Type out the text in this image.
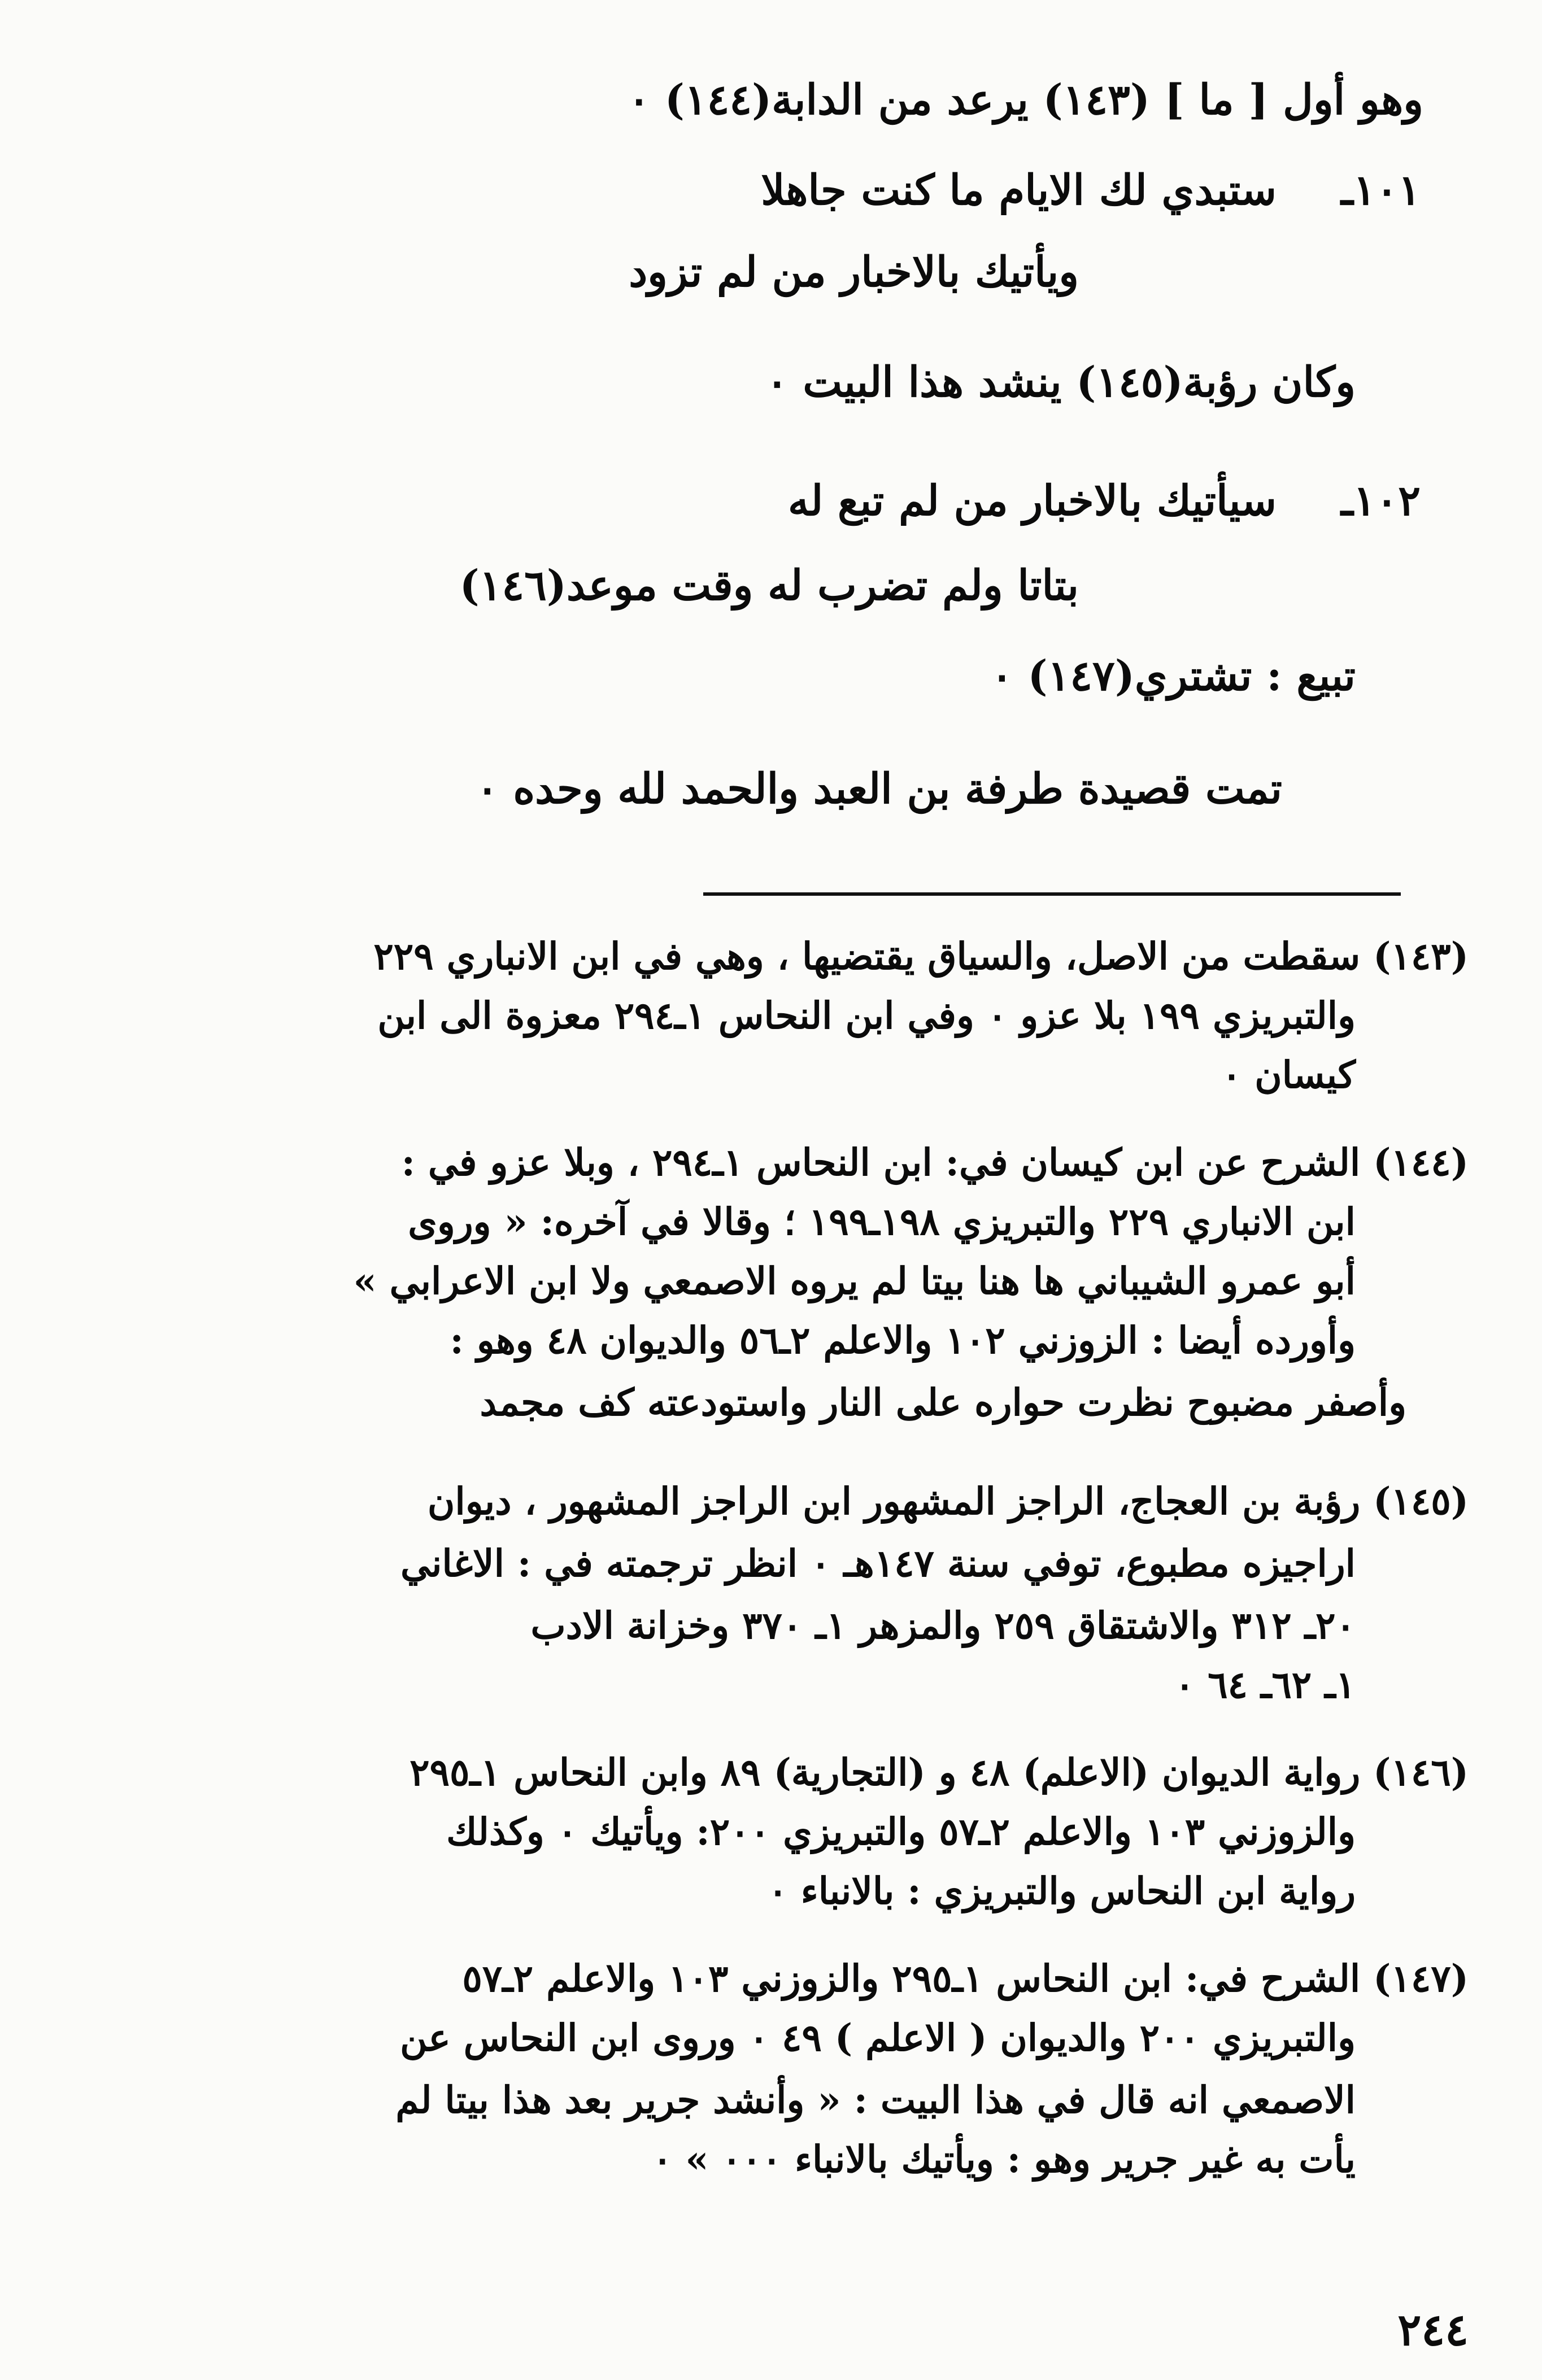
وهو أول [ ما ] (١٤٣) يرعد من الدابة(١٤٤) ٠
١٠١ـ
ستبدي لك الايام ما كنت جاهلا
ويأتيك بالاخبار من لم تزود
وكان رؤبة(١٤٥) ينشد هذا البيت ٠
١٠٢ـ
سيأتيك بالاخبار من لم تبع له
بتاتا ولم تضرب له وقت موعد(١٤٦)
تبيع : تشتري(١٤٧) ٠
تمت قصيدة طرفة بن العبد والحمد لله وحده ٠
(١٤٣) سقطت من الاصل، والسياق يقتضيها ، وهي في ابن الانباري ٢٢٩
والتبريزي ١٩٩ بلا عزو ٠ وفي ابن النحاس ١ـ٢٩٤ معزوة الى ابن
كيسان ٠
(١٤٤) الشرح عن ابن كيسان في: ابن النحاس ١ـ٢٩٤ ، وبلا عزو في :
ابن الانباري ٢٢٩ والتبريزي ١٩٨ـ١٩٩ ؛ وقالا في آخره: « وروى
أبو عمرو الشيباني ها هنا بيتا لم يروه الاصمعي ولا ابن الاعرابي »
وأورده أيضا : الزوزني ١٠٢ والاعلم ٢ـ٥٦ والديوان ٤٨ وهو :
وأصفر مضبوح نظرت حواره على النار واستودعته كف مجمد
(١٤٥) رؤبة بن العجاج، الراجز المشهور ابن الراجز المشهور ، ديوان
اراجيزه مطبوع، توفي سنة ١٤٧هـ ٠ انظر ترجمته في : الاغاني
٢٠ـ ٣١٢ والاشتقاق ٢٥٩ والمزهر ١ـ ٣٧٠ وخزانة الادب
١ـ ٦٢ـ ٦٤ ٠
(١٤٦) رواية الديوان (الاعلم) ٤٨ و (التجارية) ٨٩ وابن النحاس ١ـ٢٩٥
والزوزني ١٠٣ والاعلم ٢ـ٥٧ والتبريزي ٢٠٠: ويأتيك ٠ وكذلك
رواية ابن النحاس والتبريزي : بالانباء ٠
(١٤٧) الشرح في: ابن النحاس ١ـ٢٩٥ والزوزني ١٠٣ والاعلم ٢ـ٥٧
والتبريزي ٢٠٠ والديوان ( الاعلم ) ٤٩ ٠ وروى ابن النحاس عن
الاصمعي انه قال في هذا البيت : « وأنشد جرير بعد هذا بيتا لم
يأت به غير جرير وهو : ويأتيك بالانباء ٠٠٠ » ٠
٢٤٤
